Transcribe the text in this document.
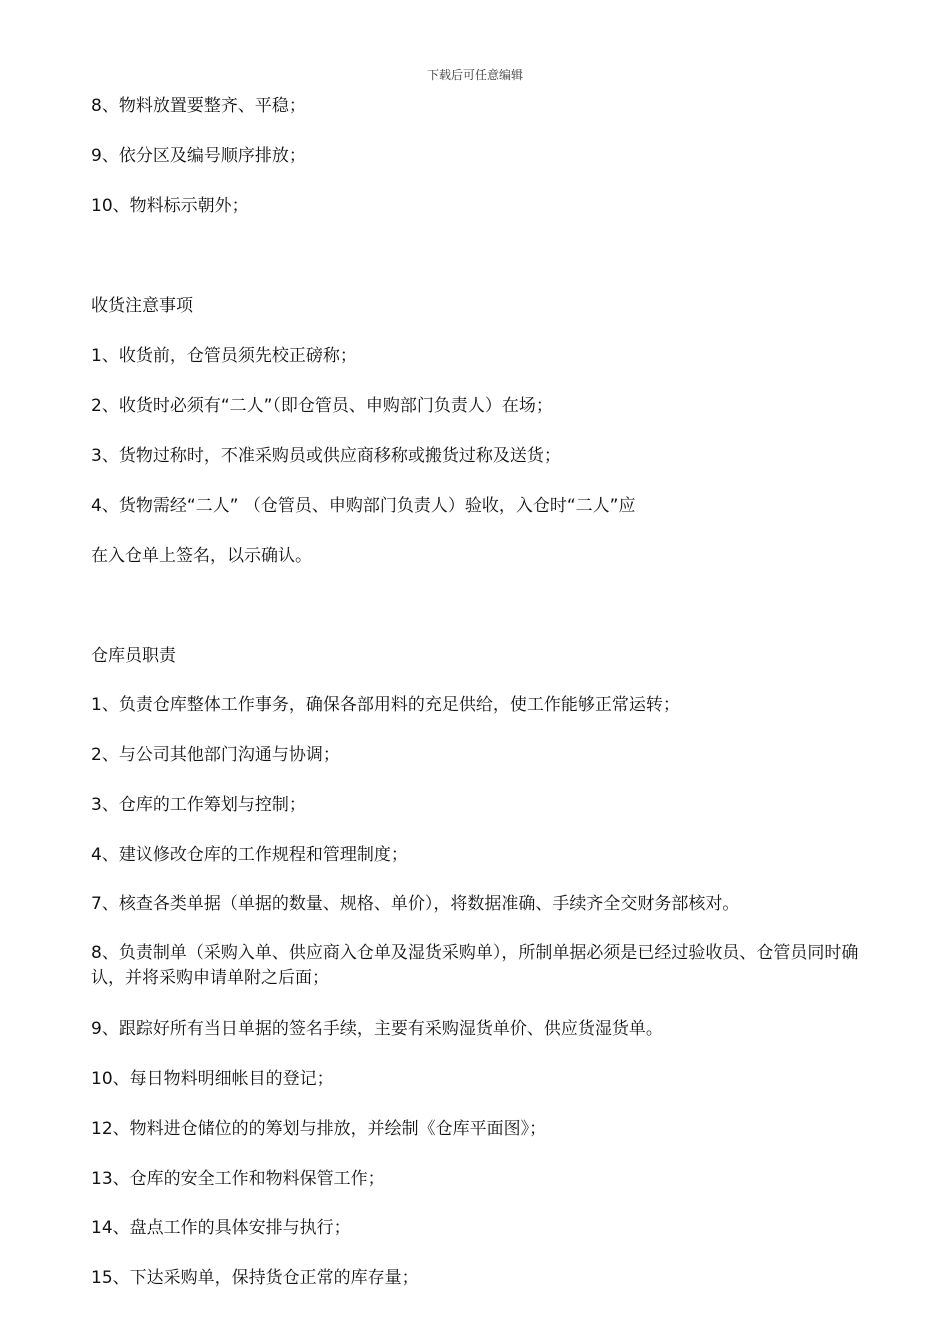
下载后可任意编辑
8、物料放置要整齐、平稳；
9、依分区及编号顺序排放；
10、物料标示朝外；
收货注意事项
1、收货前，仓管员须先校正磅称；
2、收货时必须有“二人”（即仓管员、申购部门负责人）在场；
3、货物过称时，不准采购员或供应商移称或搬货过称及送货；
4、货物需经“二人” （仓管员、申购部门负责人）验收，入仓时“二人”应
在入仓单上签名，以示确认。
仓库员职责
1、负责仓库整体工作事务，确保各部用料的充足供给，使工作能够正常运转；
2、与公司其他部门沟通与协调；
3、仓库的工作筹划与控制；
4、建议修改仓库的工作规程和管理制度；
7、核查各类单据（单据的数量、规格、单价），将数据准确、手续齐全交财务部核对。
8、负责制单（采购入单、供应商入仓单及湿货采购单），所制单据必须是已经过验收员、仓管员同时确认，并将采购申请单附之后面；
9、跟踪好所有当日单据的签名手续，主要有采购湿货单价、供应货湿货单。
10、每日物料明细帐目的登记；
12、物料进仓储位的的筹划与排放，并绘制《仓库平面图》；
13、仓库的安全工作和物料保管工作；
14、盘点工作的具体安排与执行；
15、下达采购单，保持货仓正常的库存量；
